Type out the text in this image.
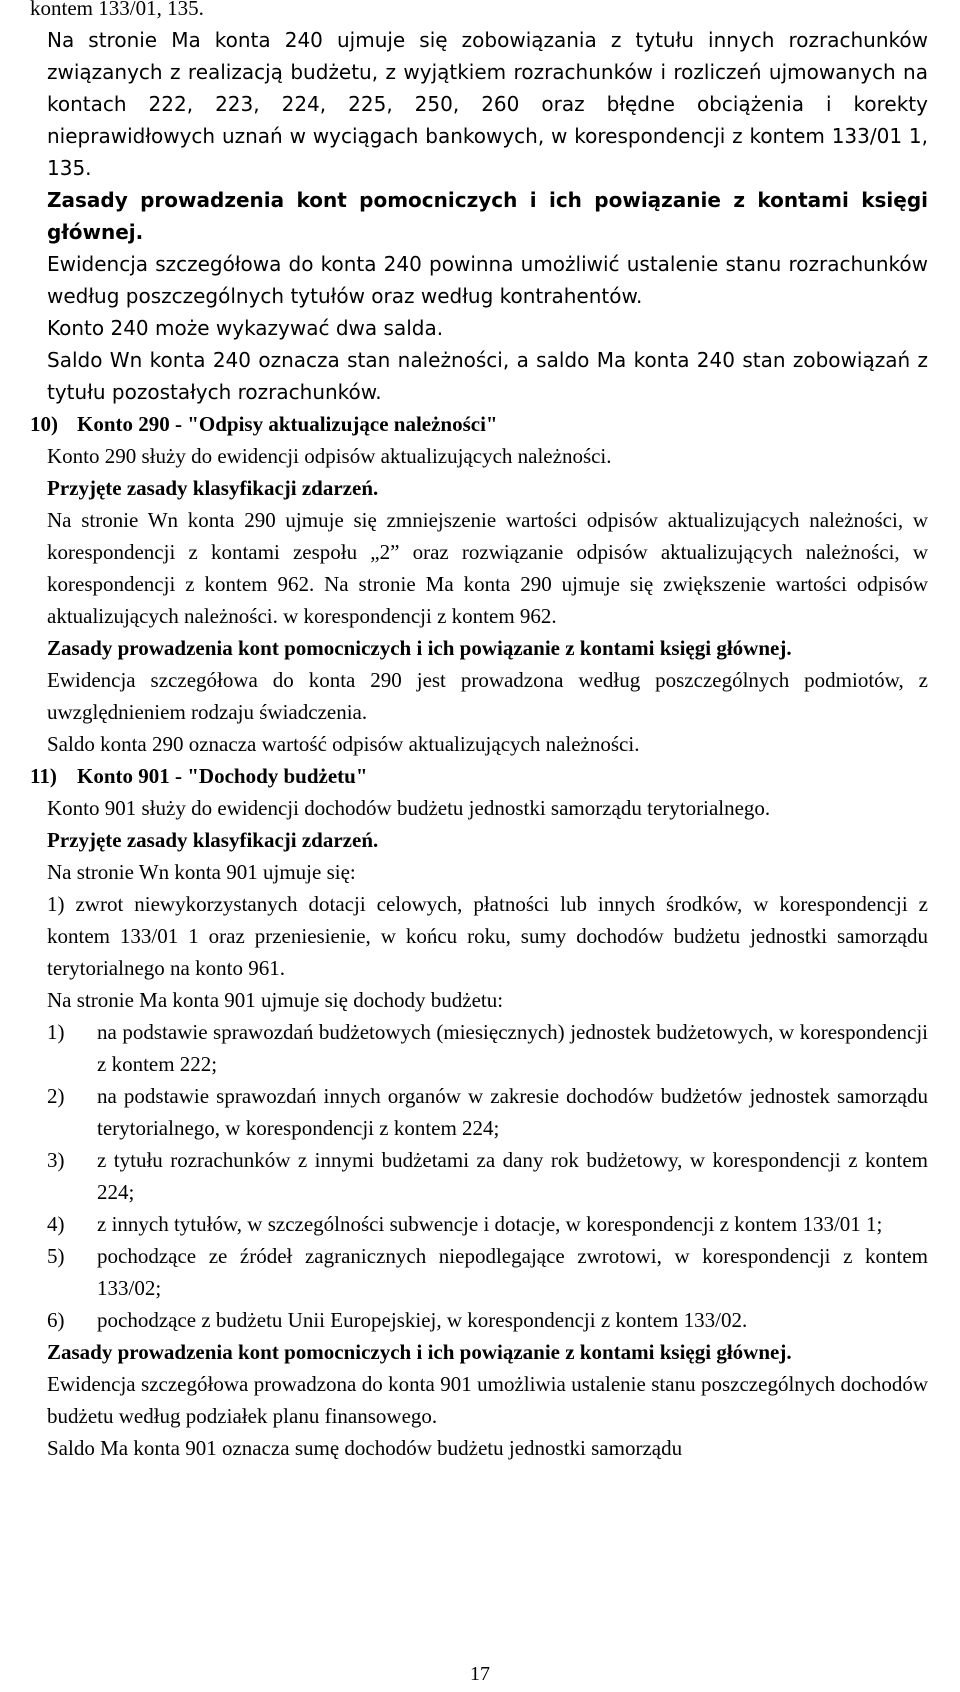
kontem 133/01, 135.

Na stronie Ma konta 240 ujmuje się zobowiązania z tytułu innych rozrachunków związanych z realizacją budżetu, z wyjątkiem rozrachunków i rozliczeń ujmowanych na kontach 222, 223, 224, 225, 250, 260 oraz błędne obciążenia i korekty nieprawidłowych uznań w wyciągach bankowych, w korespondencji z kontem 133/01 1, 135.

Zasady prowadzenia kont pomocniczych i ich powiązanie z kontami księgi głównej.

Ewidencja szczegółowa do konta 240 powinna umożliwić ustalenie stanu rozrachunków według poszczególnych tytułów oraz według kontrahentów.

Konto 240 może wykazywać dwa salda.

Saldo Wn konta 240 oznacza stan należności, a saldo Ma konta 240 stan zobowiązań z tytułu pozostałych rozrachunków.

10) Konto 290 - "Odpisy aktualizujące należności"

Konto 290 służy do ewidencji odpisów aktualizujących należności.

Przyjęte zasady klasyfikacji zdarzeń.

Na stronie Wn konta 290 ujmuje się zmniejszenie wartości odpisów aktualizujących należności, w korespondencji z kontami zespołu „2” oraz rozwiązanie odpisów aktualizujących należności, w korespondencji z kontem 962. Na stronie Ma konta 290 ujmuje się zwiększenie wartości odpisów aktualizujących należności. w korespondencji z kontem 962.

Zasady prowadzenia kont pomocniczych i ich powiązanie z kontami księgi głównej.

Ewidencja szczegółowa do konta 290 jest prowadzona według poszczególnych podmiotów, z uwzględnieniem rodzaju świadczenia.

Saldo konta 290 oznacza wartość odpisów aktualizujących należności.

11) Konto 901 - "Dochody budżetu"

Konto 901 służy do ewidencji dochodów budżetu jednostki samorządu terytorialnego.

Przyjęte zasady klasyfikacji zdarzeń.

Na stronie Wn konta 901 ujmuje się:

1) zwrot niewykorzystanych dotacji celowych, płatności lub innych środków, w korespondencji z kontem 133/01 1 oraz przeniesienie, w końcu roku, sumy dochodów budżetu jednostki samorządu terytorialnego na konto 961.

Na stronie Ma konta 901 ujmuje się dochody budżetu:

1)	na podstawie sprawozdań budżetowych (miesięcznych) jednostek budżetowych, w korespondencji z kontem 222;
2)	na podstawie sprawozdań innych organów w zakresie dochodów budżetów jednostek samorządu terytorialnego, w korespondencji z kontem 224;
3)	z tytułu rozrachunków z innymi budżetami za dany rok budżetowy, w korespondencji z kontem 224;
4)	z innych tytułów, w szczególności subwencje i dotacje, w korespondencji z kontem 133/01 1;
5)	pochodzące ze źródeł zagranicznych niepodlegające zwrotowi, w korespondencji z kontem 133/02;
6)	pochodzące z budżetu Unii Europejskiej, w korespondencji z kontem 133/02.

Zasady prowadzenia kont pomocniczych i ich powiązanie z kontami księgi głównej.

Ewidencja szczegółowa prowadzona do konta 901 umożliwia ustalenie stanu poszczególnych dochodów budżetu według podziałek planu finansowego.

Saldo Ma konta 901 oznacza sumę dochodów budżetu jednostki samorządu

17
